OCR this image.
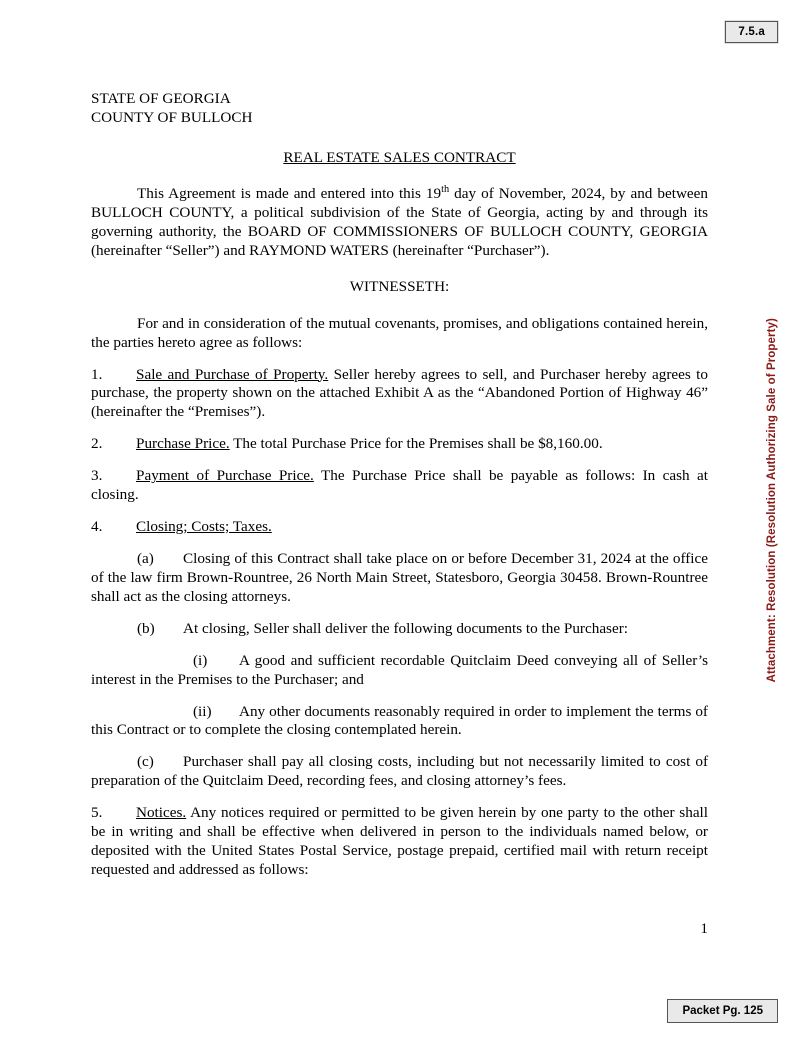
7.5.a
Attachment: Resolution (Resolution Authorizing Sale of Property)
STATE OF GEORGIA
COUNTY OF BULLOCH
REAL ESTATE SALES CONTRACT

This Agreement is made and entered into this 19th day of November, 2024, by and between BULLOCH COUNTY, a political subdivision of the State of Georgia, acting by and through its governing authority, the BOARD OF COMMISSIONERS OF BULLOCH COUNTY, GEORGIA (hereinafter “Seller”) and RAYMOND WATERS (hereinafter “Purchaser”).

WITNESSETH:

For and in consideration of the mutual covenants, promises, and obligations contained herein, the parties hereto agree as follows:

1. Sale and Purchase of Property. Seller hereby agrees to sell, and Purchaser hereby agrees to purchase, the property shown on the attached Exhibit A as the “Abandoned Portion of Highway 46” (hereinafter the “Premises”).

2. Purchase Price. The total Purchase Price for the Premises shall be $8,160.00.

3. Payment of Purchase Price. The Purchase Price shall be payable as follows: In cash at closing.

4. Closing; Costs; Taxes.

(a) Closing of this Contract shall take place on or before December 31, 2024 at the office of the law firm Brown-Rountree, 26 North Main Street, Statesboro, Georgia 30458. Brown-Rountree shall act as the closing attorneys.

(b) At closing, Seller shall deliver the following documents to the Purchaser:

(i) A good and sufficient recordable Quitclaim Deed conveying all of Seller’s interest in the Premises to the Purchaser; and

(ii) Any other documents reasonably required in order to implement the terms of this Contract or to complete the closing contemplated herein.

(c) Purchaser shall pay all closing costs, including but not necessarily limited to cost of preparation of the Quitclaim Deed, recording fees, and closing attorney’s fees.

5. Notices. Any notices required or permitted to be given herein by one party to the other shall be in writing and shall be effective when delivered in person to the individuals named below, or deposited with the United States Postal Service, postage prepaid, certified mail with return receipt requested and addressed as follows:

1
Packet Pg. 125
